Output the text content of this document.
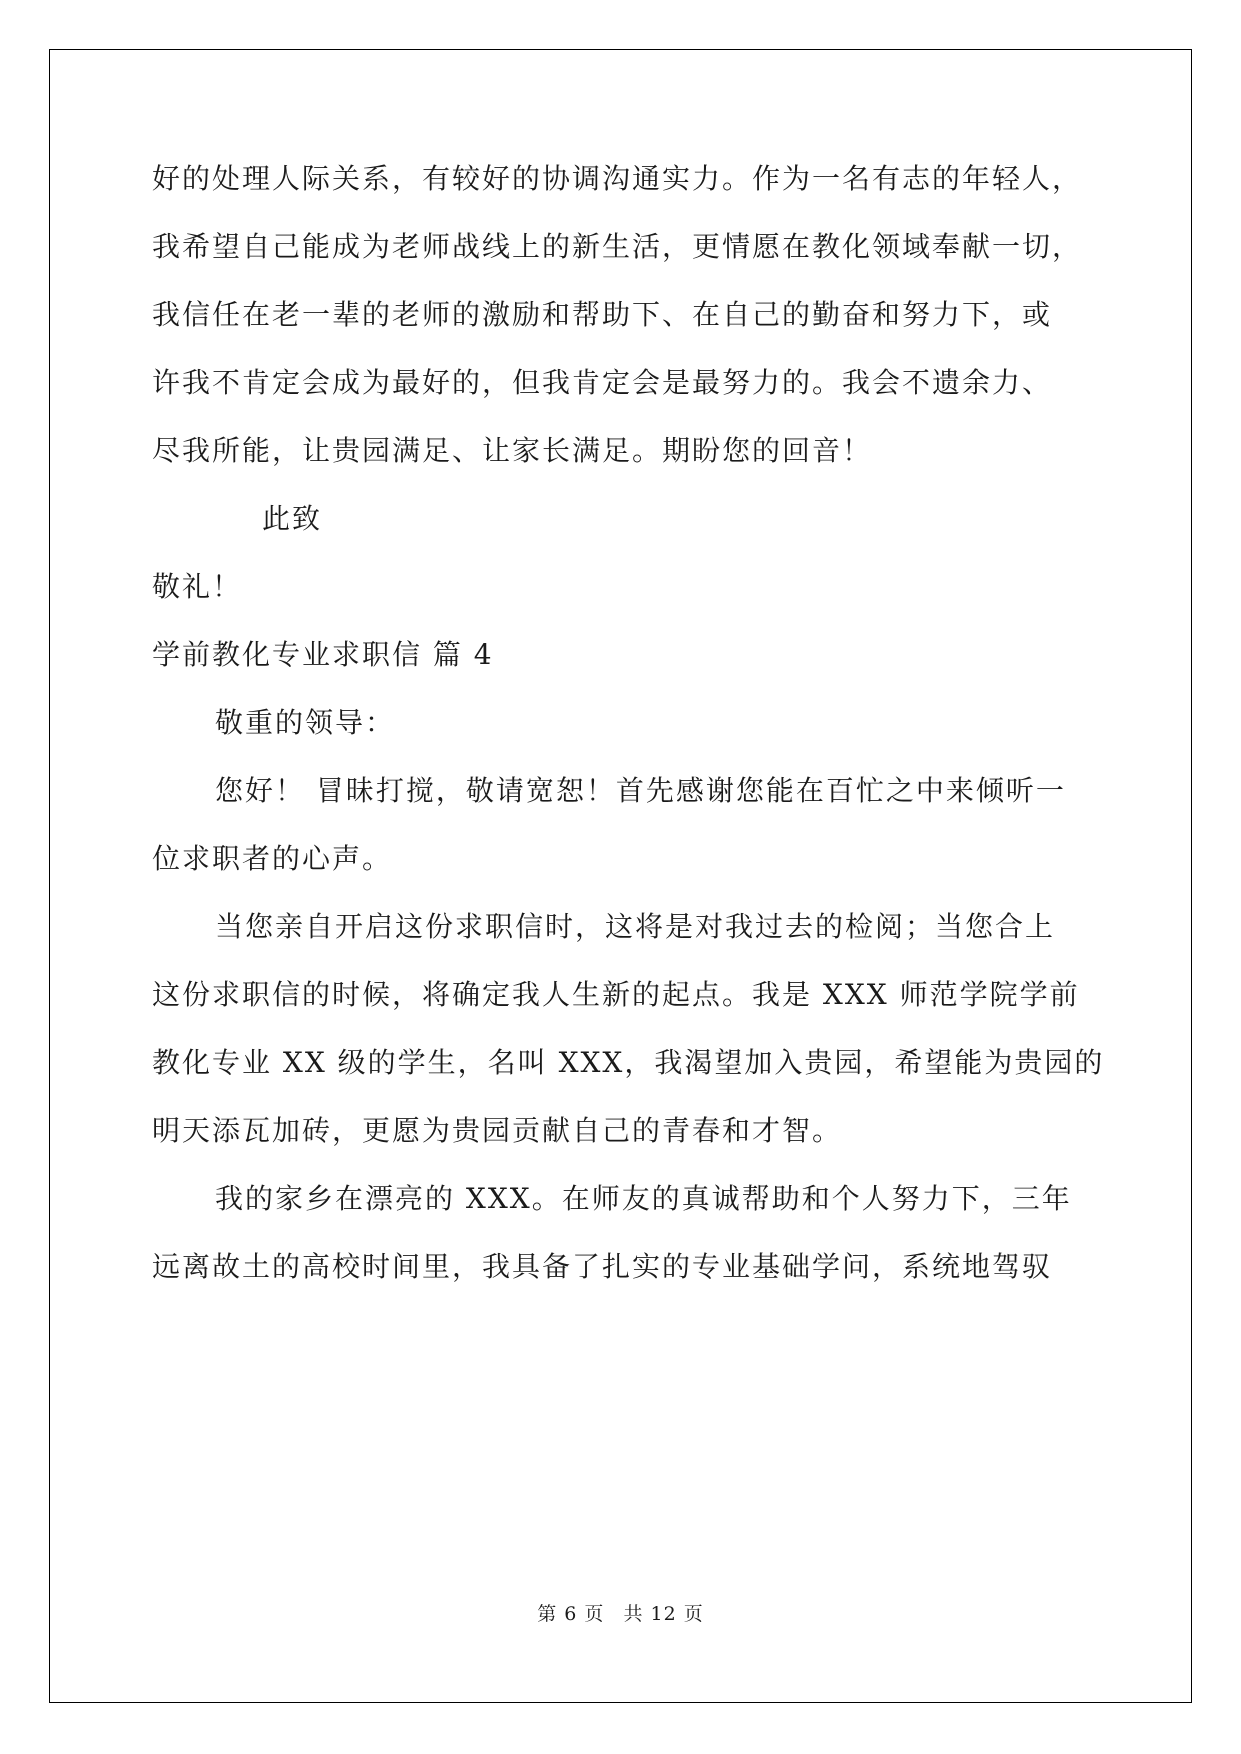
好的处理人际关系，有较好的协调沟通实力。作为一名有志的年轻人，
我希望自己能成为老师战线上的新生活，更情愿在教化领域奉献一切，
我信任在老一辈的老师的激励和帮助下、在自己的勤奋和努力下，或
许我不肯定会成为最好的，但我肯定会是最努力的。我会不遗余力、
尽我所能，让贵园满足、让家长满足。期盼您的回音！
此致
敬礼！
学前教化专业求职信 篇 4
敬重的领导：
您好！ 冒昧打搅，敬请宽恕！首先感谢您能在百忙之中来倾听一
位求职者的心声。
当您亲自开启这份求职信时，这将是对我过去的检阅；当您合上
这份求职信的时候，将确定我人生新的起点。我是 XXX 师范学院学前
教化专业 XX 级的学生，名叫 XXX，我渴望加入贵园，希望能为贵园的
明天添瓦加砖，更愿为贵园贡献自己的青春和才智。
我的家乡在漂亮的 XXX。在师友的真诚帮助和个人努力下，三年
远离故土的高校时间里，我具备了扎实的专业基础学问，系统地驾驭
第 6 页 共 12 页
